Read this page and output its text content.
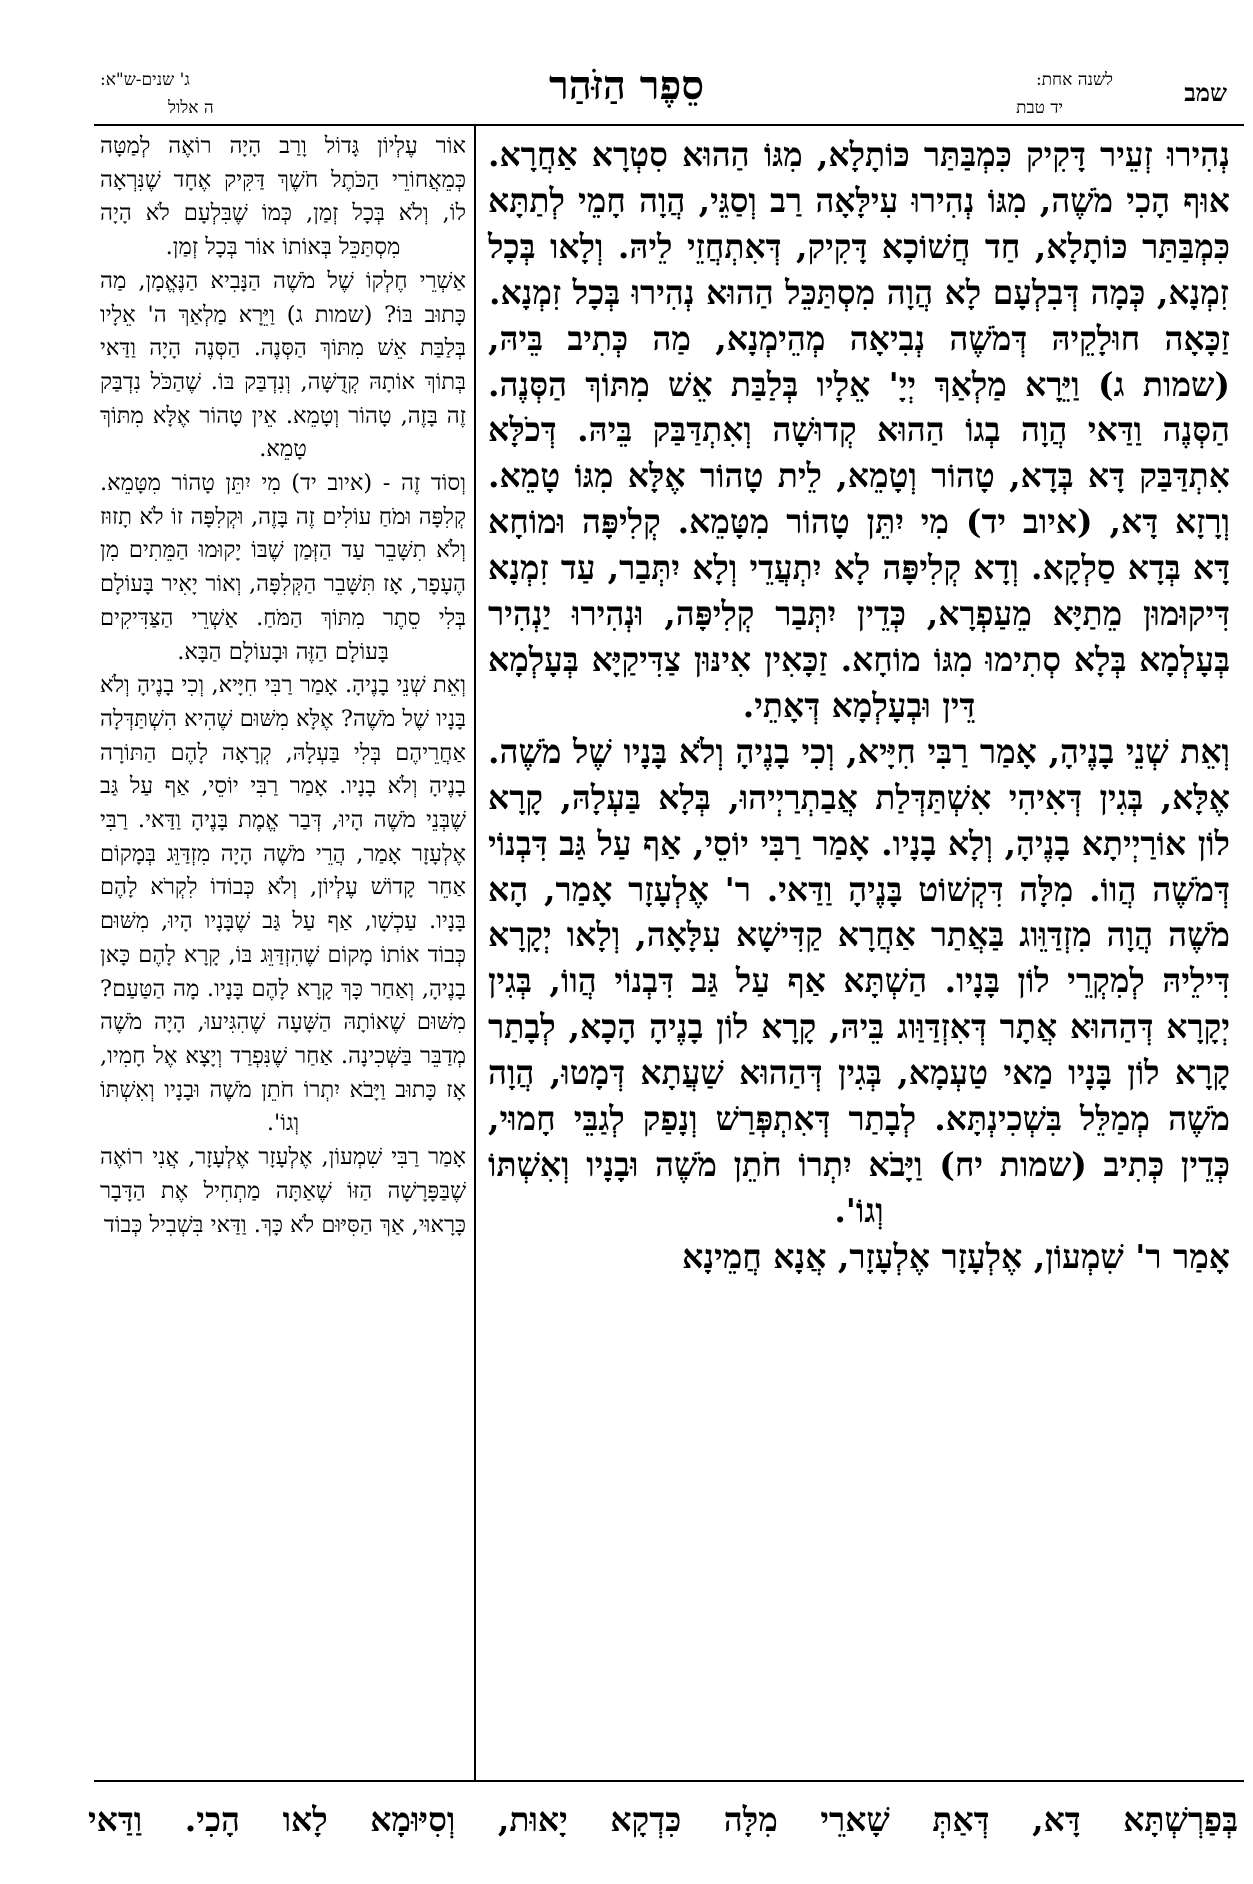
שמב
לשנה אחת:
יד טבת
סֵפֶר הַזֹּהַר
ג' שנים-ש"א:
ה אלול

נְהִירוּ זְעֵיר דָּקִיק כִּמְבַּתַּר כּוֹתָלָא, מִגּוֹ הַהוּא סִטְרָא אַחֲרָא. אוּף הָכִי מֹשֶׁה, מִגּוֹ נְהִירוּ עִילָּאָה רַב וְסַגֵּי, הֲוָה חָמֵי לְתַתָּא כִּמְבַּתַּר כּוֹתָלָא, חַד חֲשׁוֹכָא דָּקִיק, דְּאִתְחֲזֵי לֵיהּ. וְלָאו בְּכָל זִמְנָא, כְּמָה דְּבִלְעָם לָא הֲוָה מִסְתַּכֵּל הַהוּא נְהִירוּ בְּכָל זִמְנָא.

זַכָּאָה חוּלָקֵיהּ דְּמֹשֶׁה נְבִיאָה מְהֵימְנָא, מַה כְּתִיב בֵּיהּ, (שמות ג) וַיֵּרָא מַלְאַךְ יְיָ' אֵלָיו בְּלַבַּת אֵשׁ מִתּוֹךְ הַסְּנֶה. הַסְּנֶה וַדַּאי הֲוָה בְגוֹ הַהוּא קְדוּשָׁה וְאִתְדַּבַּק בֵּיהּ. דְּכֹלָּא אִתְדַּבַּק דָּא בְּדָא, טָהוֹר וְטָמֵא, לֵית טָהוֹר אֶלָּא מִגּוֹ טָמֵא. וְרָזָא דָּא, (איוב יד) מִי יִתֵּן טָהוֹר מִטָּמֵא. קְלִיפָּה וּמוֹחָא דָּא בְּדָא סַלְקָא. וְדָא קְלִיפָּה לָא יִתְעֲדֵי וְלָא יִתְּבַר, עַד זִמְנָא דִּיקוּמוּן מֵתַיָּא מֵעַפְרָא, כְּדֵין יִתְּבַר קְלִיפָּה, וּנְהִירוּ יַנְהִיר בְּעָלְמָא בְּלָא סְתִימוּ מִגּוֹ מוֹחָא. זַכָּאִין אִינּוּן צַדִּיקַיָּא בְּעָלְמָא דֵּין וּבְעָלְמָא דְּאָתֵי.

וְאֵת שְׁנֵי בָנֶיהָ, אָמַר רַבִּי חִיָּיא, וְכִי בָנֶיהָ וְלֹא בָּנָיו שֶׁל מֹשֶׁה. אֶלָּא, בְּגִין דְּאִיהִי אִשְׁתַּדְּלַת אֲבַתְרַיְיהוּ, בְּלָא בַּעְלָהּ, קָרָא לוֹן אוֹרַיְיתָא בָנֶיהָ, וְלָא בָנָיו. אָמַר רַבִּי יוֹסֵי, אַף עַל גַּב דִּבְנוֹי דְּמֹשֶׁה הֲווֹ. מִלָּה דִּקְשׁוֹט בָּנֶיהָ וַדַּאי. ר' אֶלְעָזָר אָמַר, הָא מֹשֶׁה הֲוָה מִזְדַּוֵּוג בַּאֲתַר אַחֲרָא קַדִּישָׁא עִלָּאָה, וְלָאו יְקָרָא דִּילֵיהּ לְמִקְרֵי לוֹן בָּנָיו. הַשְׁתָּא אַף עַל גַּב דִּבְנוֹי הֲווֹ, בְּגִין יְקָרָא דְּהַהוּא אֲתָר דְּאִזְדַּוַּוג בֵּיהּ, קָרָא לוֹן בָנֶיהָ הָכָא, לְבָתַר קָרָא לוֹן בָּנָיו מַאי טַעְמָא, בְּגִין דְּהַהוּא שַׁעֲתָא דְּמָטוּ, הֲוָה מֹשֶׁה מְמַלֵּל בִּשְׁכִינְתָּא. לְבָתַר דְּאִתְפְּרַשׁ וְנָפַק לְגַבֵּי חָמוּי, כְּדֵין כְּתִיב (שמות יח) וַיָּבֹא יִתְרוֹ חֹתֵן מֹשֶׁה וּבָנָיו וְאִשְׁתּוֹ וְגוֹ'.

אָמַר ר' שִׁמְעוֹן, אֶלְעָזָר אֶלְעָזָר, אֲנָא חֲמֵינָא

אוֹר עֶלְיוֹן גָּדוֹל וָרַב הָיָה רוֹאֶה לְמַטָּה כְּמֵאֲחוֹרֵי הַכֹּתֶל חֹשֶׁךְ דַּקִּיק אֶחָד שֶׁנִּרְאָה לוֹ, וְלֹא בְּכָל זְמַן, כְּמוֹ שֶׁבִּלְעָם לֹא הָיָה מִסְתַּכֵּל בְּאוֹתוֹ אוֹר בְּכָל זְמַן.

אַשְׁרֵי חֶלְקוֹ שֶׁל מֹשֶׁה הַנָּבִיא הַנֶּאֱמָן, מַה כָּתוּב בּוֹ? (שמות ג) וַיֵּרָא מַלְאַךְ ה' אֵלָיו בְּלַבַּת אֵשׁ מִתּוֹךְ הַסְּנֶה. הַסְּנֶה הָיָה וַדַּאי בְּתוֹךְ אוֹתָהּ קְדֻשָּׁה, וְנִדְבַּק בּוֹ. שֶׁהַכֹּל נִדְבַּק זֶה בָּזֶה, טָהוֹר וְטָמֵא. אֵין טָהוֹר אֶלָּא מִתּוֹךְ טָמֵא.

וְסוֹד זֶה - (איוב יד) מִי יִתֵּן טָהוֹר מִטָּמֵא. קְלִפָּה וּמֹחַ עוֹלִים זֶה בָּזֶה, וּקְלִפָּה זוֹ לֹא תָזוּז וְלֹא תִשָּׁבֵר עַד הַזְּמַן שֶׁבּוֹ יָקוּמוּ הַמֵּתִים מִן הֶעָפָר, אָז תִּשָּׁבֵר הַקְּלִפָּה, וְאוֹר יָאִיר בָּעוֹלָם בְּלִי סֵתֶר מִתּוֹךְ הַמֹּחַ. אַשְׁרֵי הַצַּדִּיקִים בָּעוֹלָם הַזֶּה וּבָעוֹלָם הַבָּא.

וְאֵת שְׁנֵי בָנֶיהָ. אָמַר רַבִּי חִיָּיא, וְכִי בָנֶיהָ וְלֹא בָּנָיו שֶׁל מֹשֶׁה? אֶלָּא מִשּׁוּם שֶׁהִיא הִשְׁתַּדְּלָה אַחֲרֵיהֶם בְּלִי בַּעְלָהּ, קְרָאָה לָהֶם הַתּוֹרָה בָנֶיהָ וְלֹא בָנָיו. אָמַר רַבִּי יוֹסֵי, אַף עַל גַּב שֶׁבְּנֵי מֹשֶׁה הָיוּ, דְּבַר אֱמֶת בָּנֶיהָ וַדַּאי. רַבִּי אֶלְעָזָר אָמַר, הֲרֵי מֹשֶׁה הָיָה מִזְדַּוֵּג בְּמָקוֹם אַחֵר קָדוֹשׁ עֶלְיוֹן, וְלֹא כְּבוֹדוֹ לִקְרֹא לָהֶם בָּנָיו. עַכְשָׁו, אַף עַל גַּב שֶׁבָּנָיו הָיוּ, מִשּׁוּם כְּבוֹד אוֹתוֹ מָקוֹם שֶׁהִזְדַּוֵּג בּוֹ, קָרָא לָהֶם כָּאן בָנֶיהָ, וְאַחַר כָּךְ קָרָא לָהֶם בָּנָיו. מָה הַטַּעַם? מִשּׁוּם שֶׁאוֹתָהּ הַשָּׁעָה שֶׁהִגִּיעוּ, הָיָה מֹשֶׁה מְדַבֵּר בַּשְּׁכִינָה. אַחַר שֶׁנִּפְרַד וְיָצָא אֶל חָמִיו, אָז כָּתוּב וַיָּבֹא יִתְרוֹ חֹתֵן מֹשֶׁה וּבָנָיו וְאִשְׁתּוֹ וְגוֹ'.

אָמַר רַבִּי שִׁמְעוֹן, אֶלְעָזָר אֶלְעָזָר, אֲנִי רוֹאֶה שֶׁבַּפָּרָשָׁה הַזּוֹ שֶׁאַתָּה מַתְחִיל אֶת הַדָּבָר כָּרָאוּי, אַךְ הַסִּיּוּם לֹא כָּךְ. וַדַּאי בִּשְׁבִיל כְּבוֹד

בְּפַרְשְׁתָּא דָּא, דְּאַתְּ שָׁארֵי מִלָּה כִּדְקָא יָאוּת, וְסִיּוּמָא לָאו הָכִי. וַדַּאי
